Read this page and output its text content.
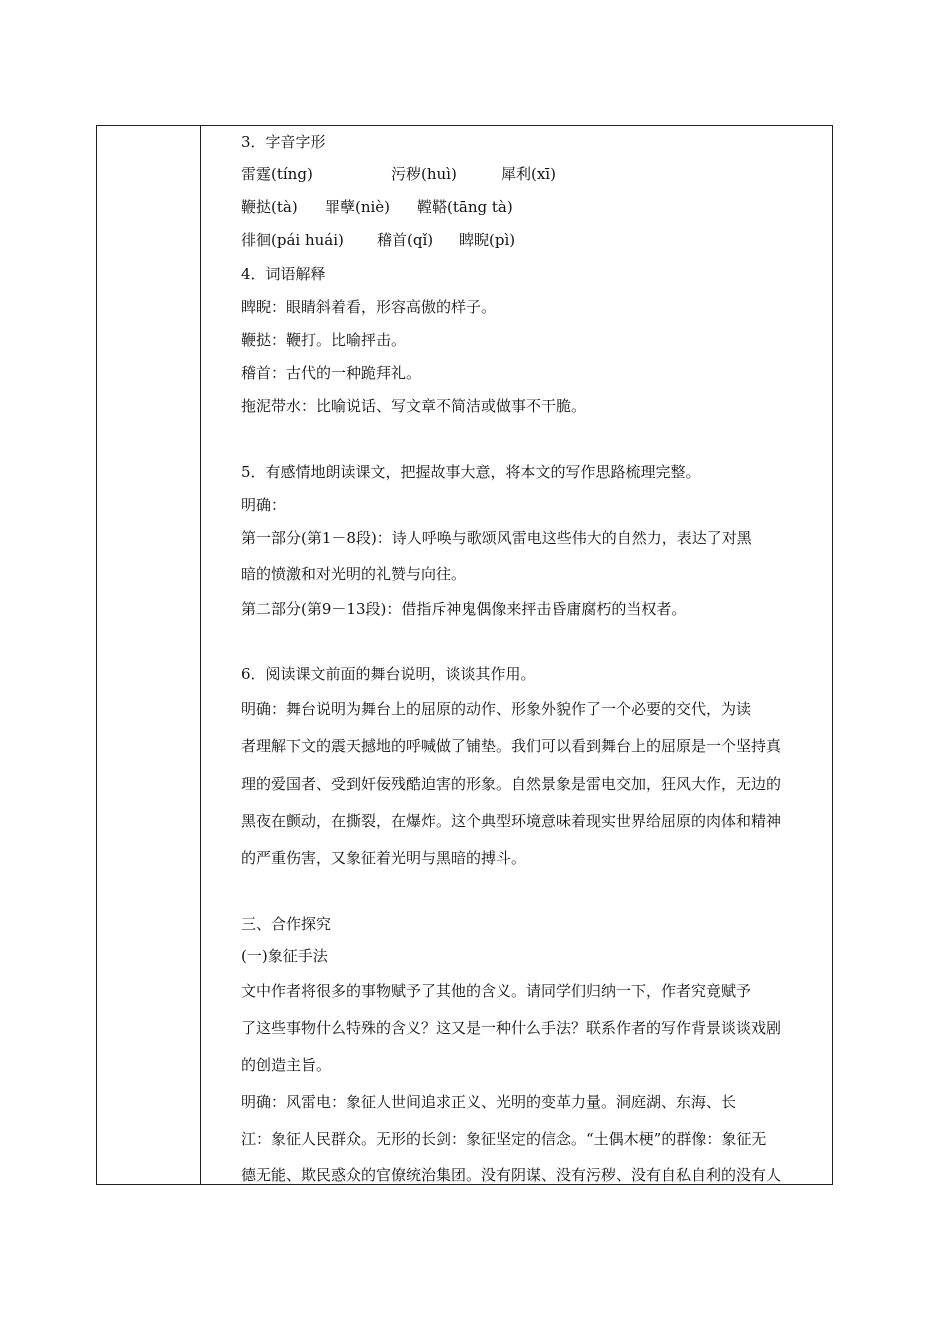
3．字音字形
雷霆(tíng)	污秽(huì)	犀利(xī)
鞭挞(tà) 罪孽(niè) 鞺鞳(tāng tà)
徘徊(pái huái) 稽首(qǐ) 睥睨(pì)
4．词语解释
睥睨：眼睛斜着看，形容高傲的样子。
鞭挞：鞭打。比喻抨击。
稽首：古代的一种跪拜礼。
拖泥带水：比喻说话、写文章不简洁或做事不干脆。
5．有感情地朗读课文，把握故事大意，将本文的写作思路梳理完整。
明确：
第一部分(第1－8段)：诗人呼唤与歌颂风雷电这些伟大的自然力，表达了对黑
暗的愤激和对光明的礼赞与向往。
第二部分(第9－13段)：借指斥神鬼偶像来抨击昏庸腐朽的当权者。
6．阅读课文前面的舞台说明，谈谈其作用。
明确：舞台说明为舞台上的屈原的动作、形象外貌作了一个必要的交代，为读
者理解下文的震天撼地的呼喊做了铺垫。我们可以看到舞台上的屈原是一个坚持真
理的爱国者、受到奸佞残酷迫害的形象。自然景象是雷电交加，狂风大作，无边的
黑夜在颤动，在撕裂，在爆炸。这个典型环境意味着现实世界给屈原的肉体和精神
的严重伤害，又象征着光明与黑暗的搏斗。
三、合作探究
(一)象征手法
文中作者将很多的事物赋予了其他的含义。请同学们归纳一下，作者究竟赋予
了这些事物什么特殊的含义？这又是一种什么手法？联系作者的写作背景谈谈戏剧
的创造主旨。
明确：风雷电：象征人世间追求正义、光明的变革力量。洞庭湖、东海、长
江：象征人民群众。无形的长剑：象征坚定的信念。“土偶木梗”的群像：象征无
德无能、欺民惑众的官僚统治集团。没有阴谋、没有污秽、没有自私自利的没有人
